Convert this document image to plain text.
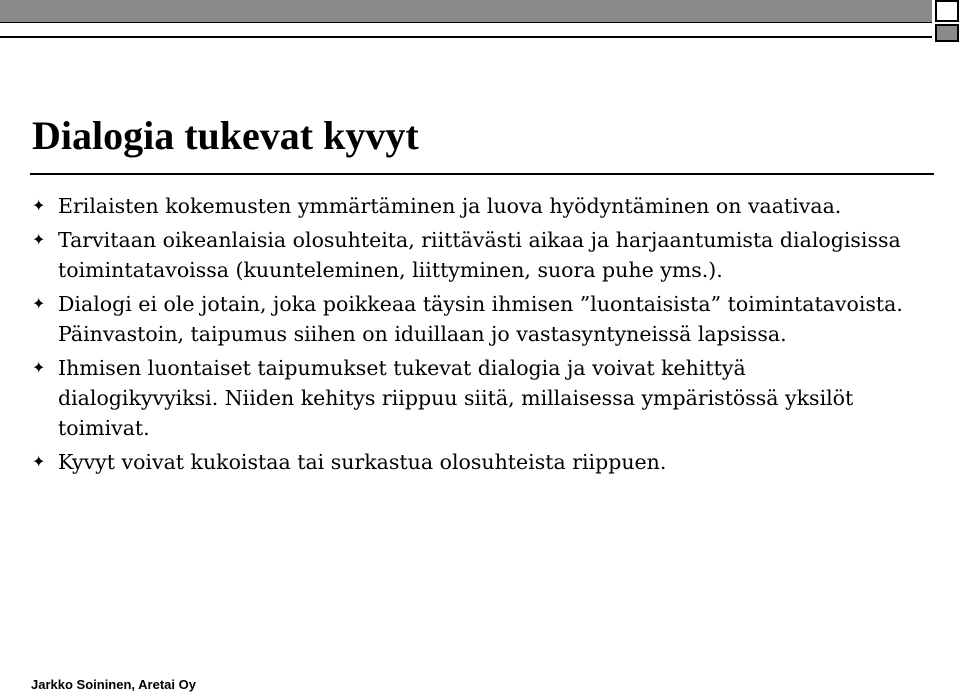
Dialogia tukevat kyvyt
✦ Erilaisten kokemusten ymmärtäminen ja luova hyödyntäminen on vaativaa.
✦ Tarvitaan oikeanlaisia olosuhteita, riittävästi aikaa ja harjaantumista dialogisissa toimintatavoissa (kuunteleminen, liittyminen, suora puhe yms.).
✦ Dialogi ei ole jotain, joka poikkeaa täysin ihmisen ”luontaisista” toimintatavoista. Päinvastoin, taipumus siihen on iduillaan jo vastasyntyneissä lapsissa.
✦ Ihmisen luontaiset taipumukset tukevat dialogia ja voivat kehittyä dialogikyvyiksi. Niiden kehitys riippuu siitä, millaisessa ympäristössä yksilöt toimivat.
✦ Kyvyt voivat kukoistaa tai surkastua olosuhteista riippuen.
Jarkko Soininen, Aretai Oy
